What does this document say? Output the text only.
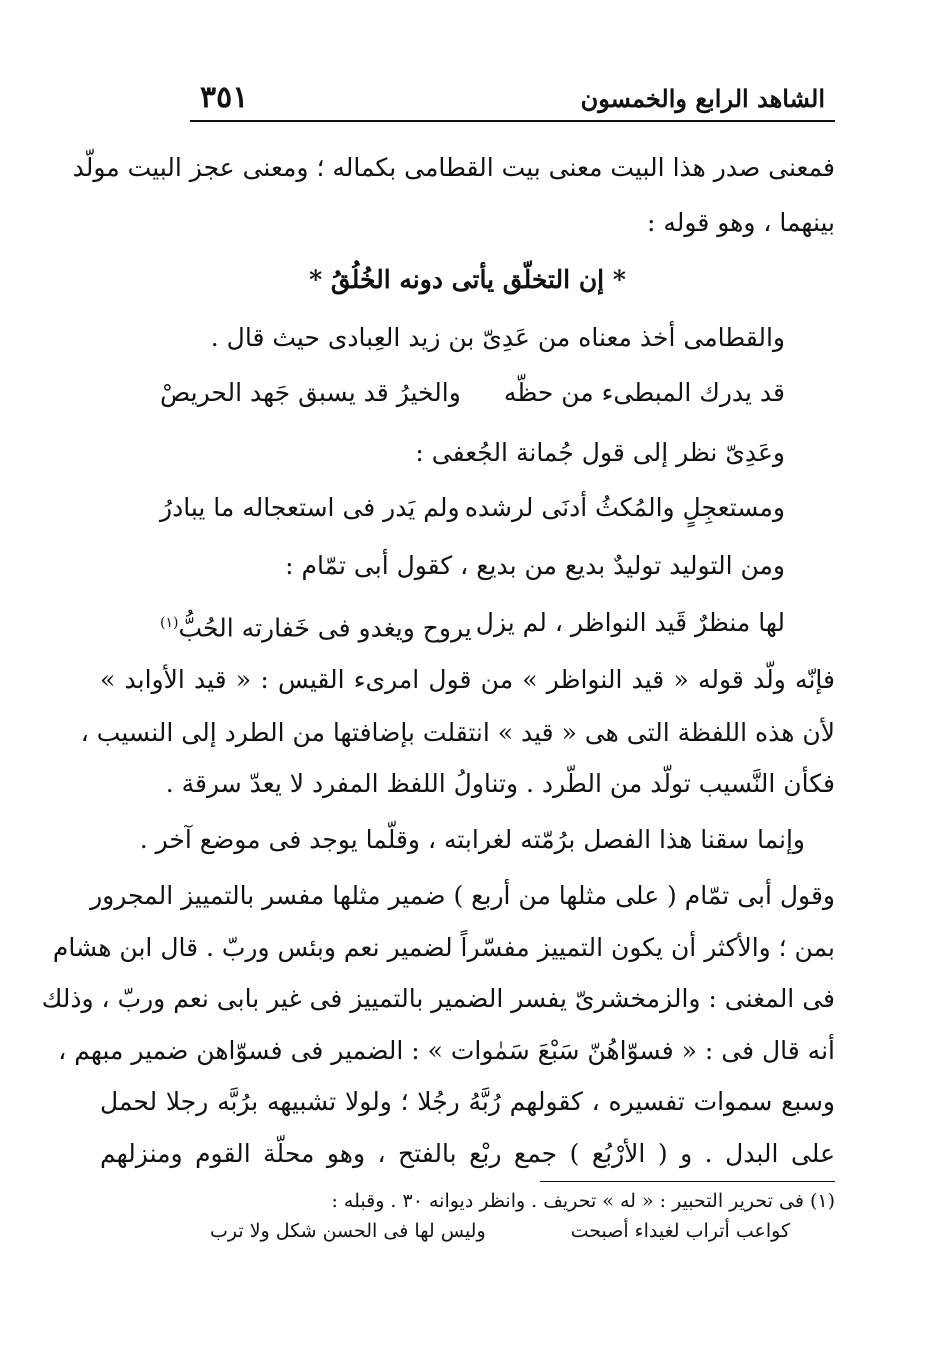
الشاهد الرابع والخمسون
٣٥١
فمعنى صدر هذا البيت معنى بيت القطامى بكماله ؛ ومعنى عجز البيت مولّد
بينهما ، وهو قوله :
* إن التخلّق يأتى دونه الخُلُقُ *
والقطامى أخذ معناه من عَدِىّ بن زيد العِبادى حيث قال .
قد يدرك المبطىء من حظّه
والخيرُ قد يسبق جَهد الحريصْ
وعَدِىّ نظر إلى قول جُمانة الجُعفى :
ومستعجِلٍ والمُكثُ أدنَى لرشده
ولم يَدر فى استعجاله ما يبادرُ
ومن التوليد توليدٌ بديع من بديع ، كقول أبى تمّام :
لها منظرٌ قَيد النواظر ، لم يزل
يروح ويغدو فى خَفارته الحُبُّ$^{(١)}$
فإنّه ولّد قوله « قيد النواظر » من قول امرىء القيس : « قيد الأوابد »
لأن هذه اللفظة التى هى « قيد » انتقلت بإضافتها من الطرد إلى النسيب ،
فكأن النَّسيب تولّد من الطّرد . وتناولُ اللفظ المفرد لا يعدّ سرقة .
وإنما سقنا هذا الفصل برُمّته لغرابته ، وقلّما يوجد فى موضع آخر .
وقول أبى تمّام ( على مثلها من أربع ) ضمير مثلها مفسر بالتمييز المجرور
بمن ؛ والأكثر أن يكون التمييز مفسّراً لضمير نعم وبئس وربّ . قال ابن هشام
فى المغنى : والزمخشرىّ يفسر الضمير بالتمييز فى غير بابى نعم وربّ ، وذلك
أنه قال فى : « فسوّاهُنّ سَبْعَ سَمٰوات » : الضمير فى فسوّاهن ضمير مبهم ،
وسبع سموات تفسيره ، كقولهم رُبَّهُ رجُلا ؛ ولولا تشبيهه برُبَّه رجلا لحمل
على البدل . و ( الأرْبُع ) جمع ربْع بالفتح ، وهو محلّة القوم ومنزلهم
(١) فى تحرير التحبير : « له » تحريف . وانظر ديوانه ٣٠ . وقبله :
كواعب أتراب لغيداء أصبحت
وليس لها فى الحسن شكل ولا ترب
